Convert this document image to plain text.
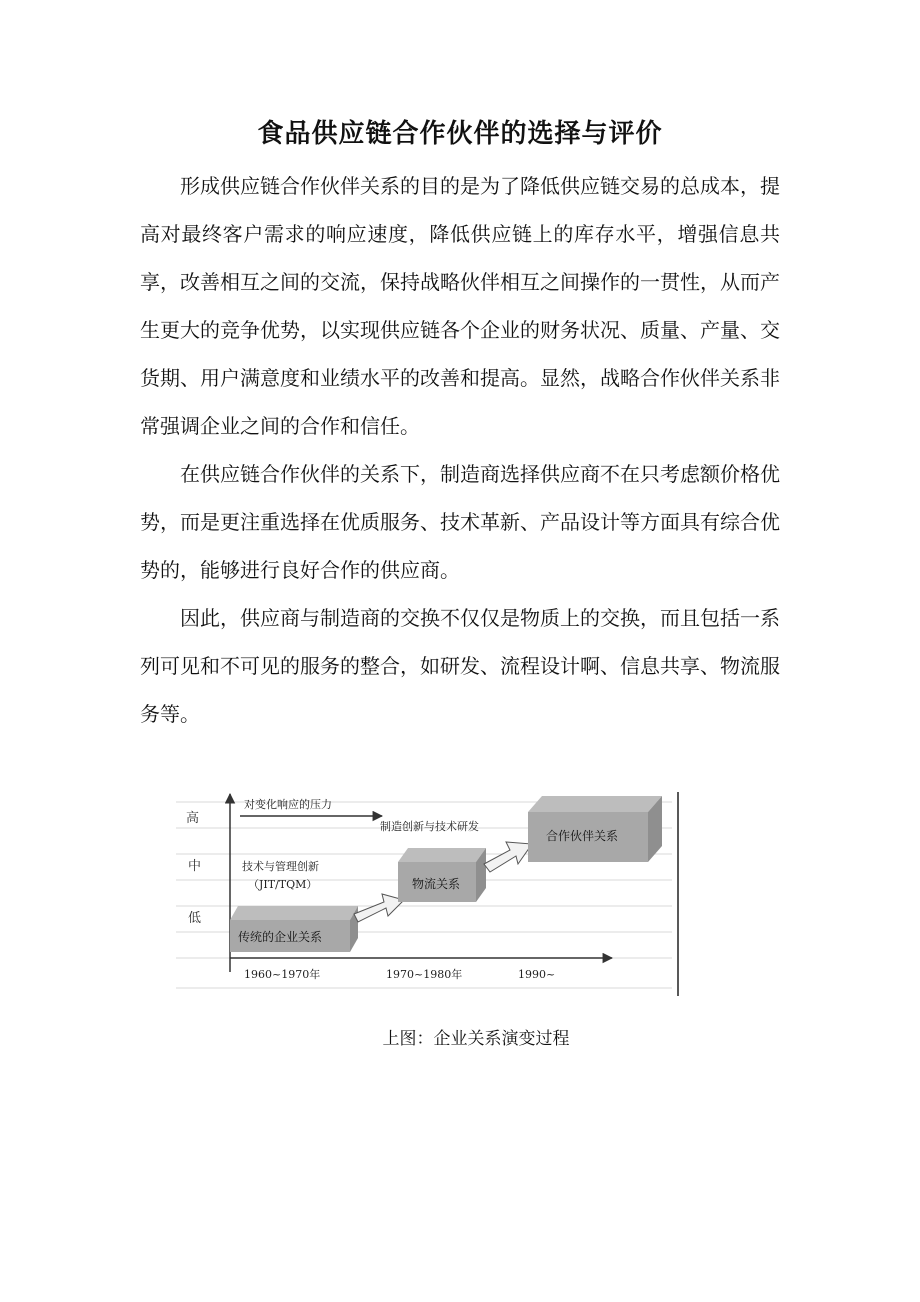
食品供应链合作伙伴的选择与评价

形成供应链合作伙伴关系的目的是为了降低供应链交易的总成本，提高对最终客户需求的响应速度，降低供应链上的库存水平，增强信息共享，改善相互之间的交流，保持战略伙伴相互之间操作的一贯性，从而产生更大的竞争优势，以实现供应链各个企业的财务状况、质量、产量、交货期、用户满意度和业绩水平的改善和提高。显然，战略合作伙伴关系非常强调企业之间的合作和信任。

在供应链合作伙伴的关系下，制造商选择供应商不在只考虑额价格优势，而是更注重选择在优质服务、技术革新、产品设计等方面具有综合优势的，能够进行良好合作的供应商。

因此，供应商与制造商的交换不仅仅是物质上的交换，而且包括一系列可见和不可见的服务的整合，如研发、流程设计啊、信息共享、物流服务等。

高
中
低
对变化响应的压力
技术与管理创新
（JIT/TQM）
制造创新与技术研发
传统的企业关系
物流关系
合作伙伴关系
1960~1970年	1970~1980年	1990~
上图：企业关系演变过程
